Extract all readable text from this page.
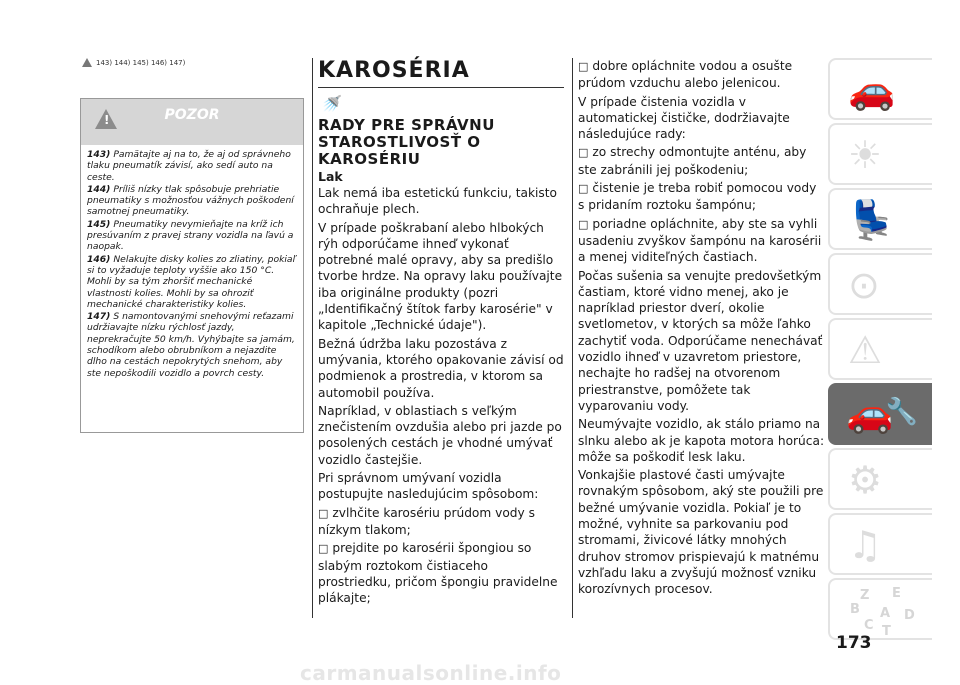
143) 144) 145) 146) 147)
!	POZOR

143) Pamätajte aj na to, že aj od správneho tlaku pneumatík závisí, ako sedí auto na ceste.

144) Príliš nízky tlak spôsobuje prehriatie pneumatiky s možnosťou vážnych poškodení samotnej pneumatiky.

145) Pneumatiky nevymieňajte na kríž ich presúvaním z pravej strany vozidla na ľavú a naopak.

146) Nelakujte disky kolies zo zliatiny, pokiaľ si to vyžaduje teploty vyššie ako 150 °C. Mohli by sa tým zhoršiť mechanické vlastnosti kolies. Mohli by sa ohroziť mechanické charakteristiky kolies.

147) S namontovanými snehovými reťazami udržiavajte nízku rýchlosť jazdy, neprekračujte 50 km/h. Vyhýbajte sa jamám, schodíkom alebo obrubníkom a nejazdite dlho na cestách nepokrytých snehom, aby ste nepoškodili vozidlo a povrch cesty.

KAROSÉRIA
🚿
RADY PRE SPRÁVNU STAROSTLIVOSŤ O KAROSÉRIU
Lak

Lak nemá iba estetickú funkciu, takisto ochraňuje plech.

V prípade poškrabaní alebo hlbokých rýh odporúčame ihneď vykonať potrebné malé opravy, aby sa predišlo tvorbe hrdze. Na opravy laku používajte iba originálne produkty (pozri „Identifikačný štítok farby karosérie" v kapitole „Technické údaje").

Bežná údržba laku pozostáva z umývania, ktorého opakovanie závisí od podmienok a prostredia, v ktorom sa automobil používa.

Napríklad, v oblastiach s veľkým znečistením ovzdušia alebo pri jazde po posolených cestách je vhodné umývať vozidlo častejšie.

Pri správnom umývaní vozidla postupujte nasledujúcim spôsobom:

□ zvlhčite karosériu prúdom vody s nízkym tlakom;

□ prejdite po karosérii špongiou so slabým roztokom čistiaceho prostriedku, pričom špongiu pravidelne plákajte;

□ dobre opláchnite vodou a osušte prúdom vzduchu alebo jelenicou.

V prípade čistenia vozidla v automatickej čističke, dodržiavajte následujúce rady:

□ zo strechy odmontujte anténu, aby ste zabránili jej poškodeniu;

□ čistenie je treba robiť pomocou vody s pridaním roztoku šampónu;

□ poriadne opláchnite, aby ste sa vyhli usadeniu zvyškov šampónu na karosérii a menej viditeľných častiach.

Počas sušenia sa venujte predovšetkým častiam, ktoré vidno menej, ako je napríklad priestor dverí, okolie svetlometov, v ktorých sa môže ľahko zachytiť voda. Odporúčame nenechávať vozidlo ihneď v uzavretom priestore, nechajte ho radšej na otvorenom priestranstve, pomôžete tak vyparovaniu vody.

Neumývajte vozidlo, ak stálo priamo na slnku alebo ak je kapota motora horúca: môže sa poškodiť lesk laku.

Vonkajšie plastové časti umývajte rovnakým spôsobom, aký ste použili pre bežné umývanie vozidla. Pokiaľ je to možné, vyhnite sa parkovaniu pod stromami, živicové látky mnohých druhov stromov prispievajú k matnému vzhľadu laku a zvyšujú možnosť vzniku korozívnych procesov.

🚗
☀
💺
⊙
⚠
🚗
🔧
⚙
♫
Z E
B A
C T
D
173
carmanualsonline.info
